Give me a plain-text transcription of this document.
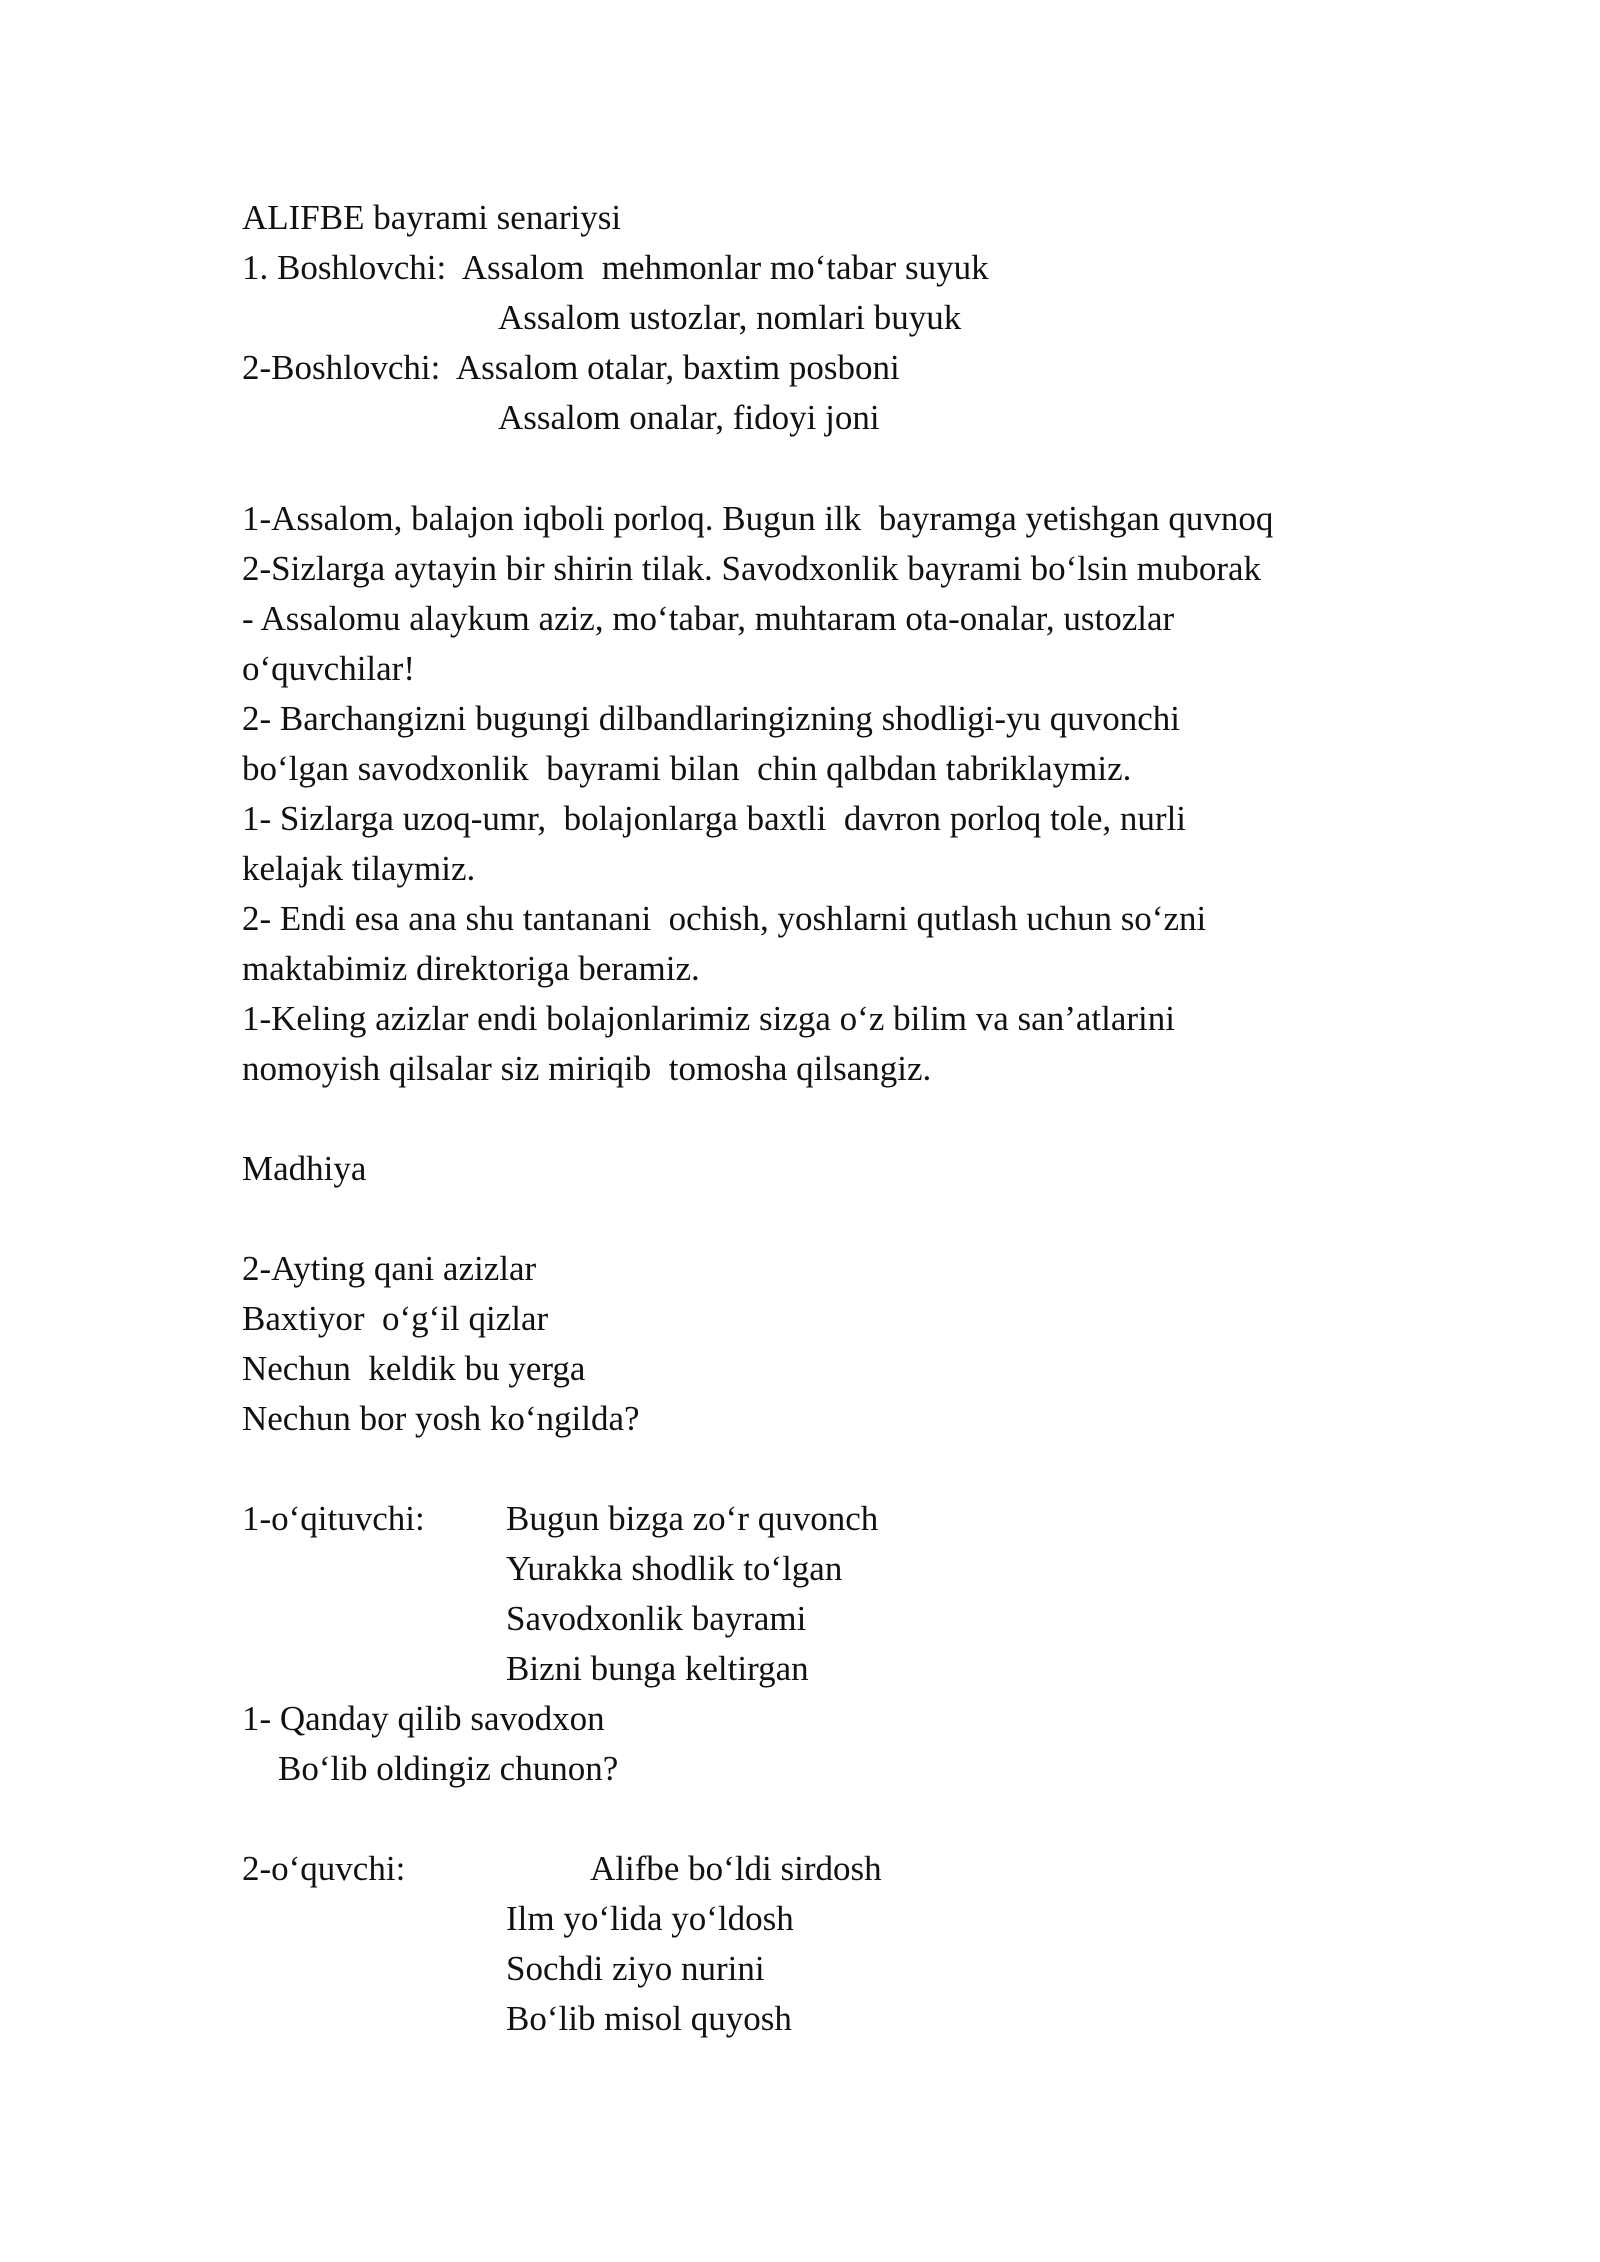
ALIFBE bayrami senariysi
1. Boshlovchi:  Assalom  mehmonlar mo‘tabar suyuk
Assalom ustozlar, nomlari buyuk
2-Boshlovchi:  Assalom otalar, baxtim posboni
Assalom onalar, fidoyi joni
1-Assalom, balajon iqboli porloq. Bugun ilk  bayramga yetishgan quvnoq
2-Sizlarga aytayin bir shirin tilak. Savodxonlik bayrami bo‘lsin muborak
- Assalomu alaykum aziz, mo‘tabar, muhtaram ota-onalar, ustozlar
o‘quvchilar!
2- Barchangizni bugungi dilbandlaringizning shodligi-yu quvonchi
bo‘lgan savodxonlik  bayrami bilan  chin qalbdan tabriklaymiz.
1- Sizlarga uzoq-umr,  bolajonlarga baxtli  davron porloq tole, nurli
kelajak tilaymiz.
2- Endi esa ana shu tantanani  ochish, yoshlarni qutlash uchun so‘zni
maktabimiz direktoriga beramiz.
1-Keling azizlar endi bolajonlarimiz sizga o‘z bilim va san’atlarini
nomoyish qilsalar siz miriqib  tomosha qilsangiz.
Madhiya
2-Ayting qani azizlar
Baxtiyor  o‘g‘il qizlar
Nechun  keldik bu yerga
Nechun bor yosh ko‘ngilda?
1-o‘qituvchi: Bugun bizga zo‘r quvonch
Yurakka shodlik to‘lgan
Savodxonlik bayrami
Bizni bunga keltirgan
1- Qanday qilib savodxon
Bo‘lib oldingiz chunon?
2-o‘quvchi:	Alifbe bo‘ldi sirdosh
Ilm yo‘lida yo‘ldosh
Sochdi ziyo nurini
Bo‘lib misol quyosh
